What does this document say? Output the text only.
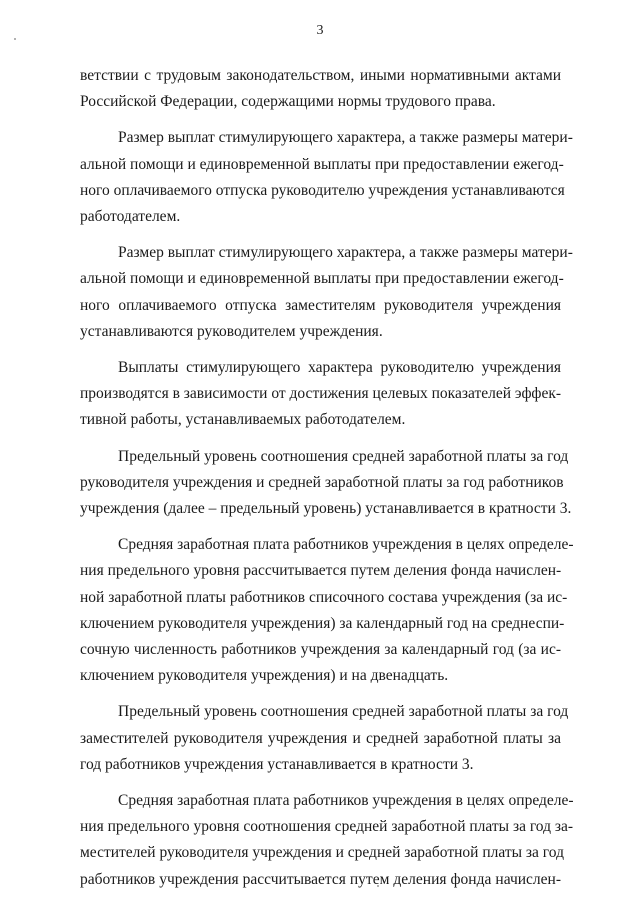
3
ветствии с трудовым законодательством, иными нормативными актами
Российской Федерации, содержащими нормы трудового права.
Размер выплат стимулирующего характера, а также размеры матери-
альной помощи и единовременной выплаты при предоставлении ежегод-
ного оплачиваемого отпуска руководителю учреждения устанавливаются
работодателем.
Размер выплат стимулирующего характера, а также размеры матери-
альной помощи и единовременной выплаты при предоставлении ежегод-
ного оплачиваемого отпуска заместителям руководителя учреждения
устанавливаются руководителем учреждения.
Выплаты стимулирующего характера руководителю учреждения
производятся в зависимости от достижения целевых показателей эффек-
тивной работы, устанавливаемых работодателем.
Предельный уровень соотношения средней заработной платы за год
руководителя учреждения и средней заработной платы за год работников
учреждения (далее – предельный уровень) устанавливается в кратности 3.
Средняя заработная плата работников учреждения в целях определе-
ния предельного уровня рассчитывается путем деления фонда начислен-
ной заработной платы работников списочного состава учреждения (за ис-
ключением руководителя учреждения) за календарный год на среднеспи-
сочную численность работников учреждения за календарный год (за ис-
ключением руководителя учреждения) и на двенадцать.
Предельный уровень соотношения средней заработной платы за год
заместителей руководителя учреждения и средней заработной платы за
год работников учреждения устанавливается в кратности 3.
Средняя заработная плата работников учреждения в целях определе-
ния предельного уровня соотношения средней заработной платы за год за-
местителей руководителя учреждения и средней заработной платы за год
работников учреждения рассчитывается путем деления фонда начислен-
